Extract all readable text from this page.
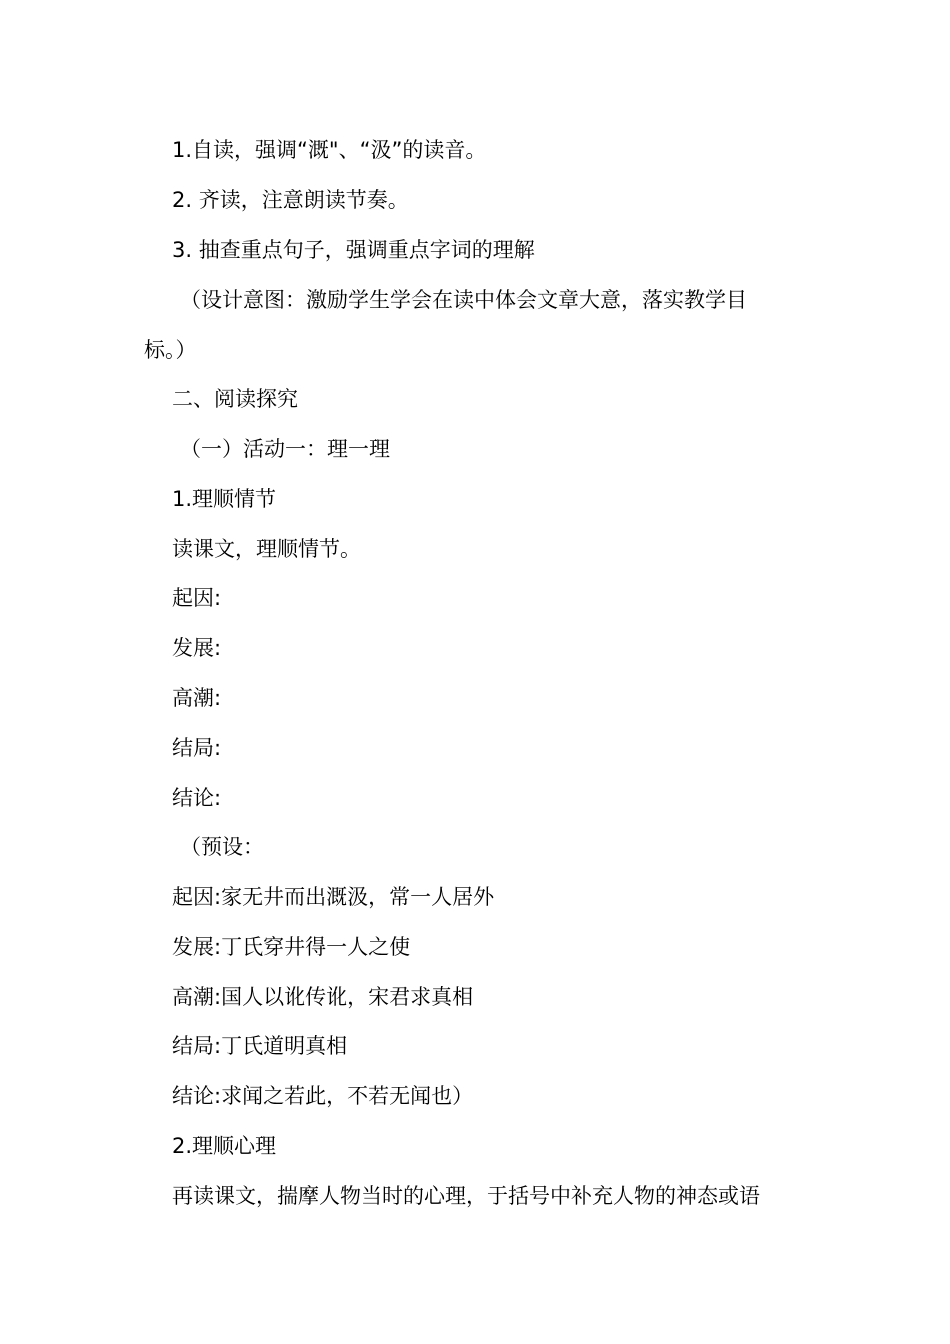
1.自读，强调“溉"、“汲”的读音。
2. 齐读，注意朗读节奏。
3. 抽查重点句子，强调重点字词的理解
（设计意图：激励学生学会在读中体会文章大意，落实教学目
标。）
二、阅读探究
（一）活动一：理一理
1.理顺情节
读课文，理顺情节。
起因:
发展:
高潮:
结局:
结论:
（预设：
起因:家无井而出溉汲，常一人居外
发展:丁氏穿井得一人之使
高潮:国人以讹传讹，宋君求真相
结局:丁氏道明真相
结论:求闻之若此，不若无闻也）
2.理顺心理
再读课文，揣摩人物当时的心理，于括号中补充人物的神态或语
